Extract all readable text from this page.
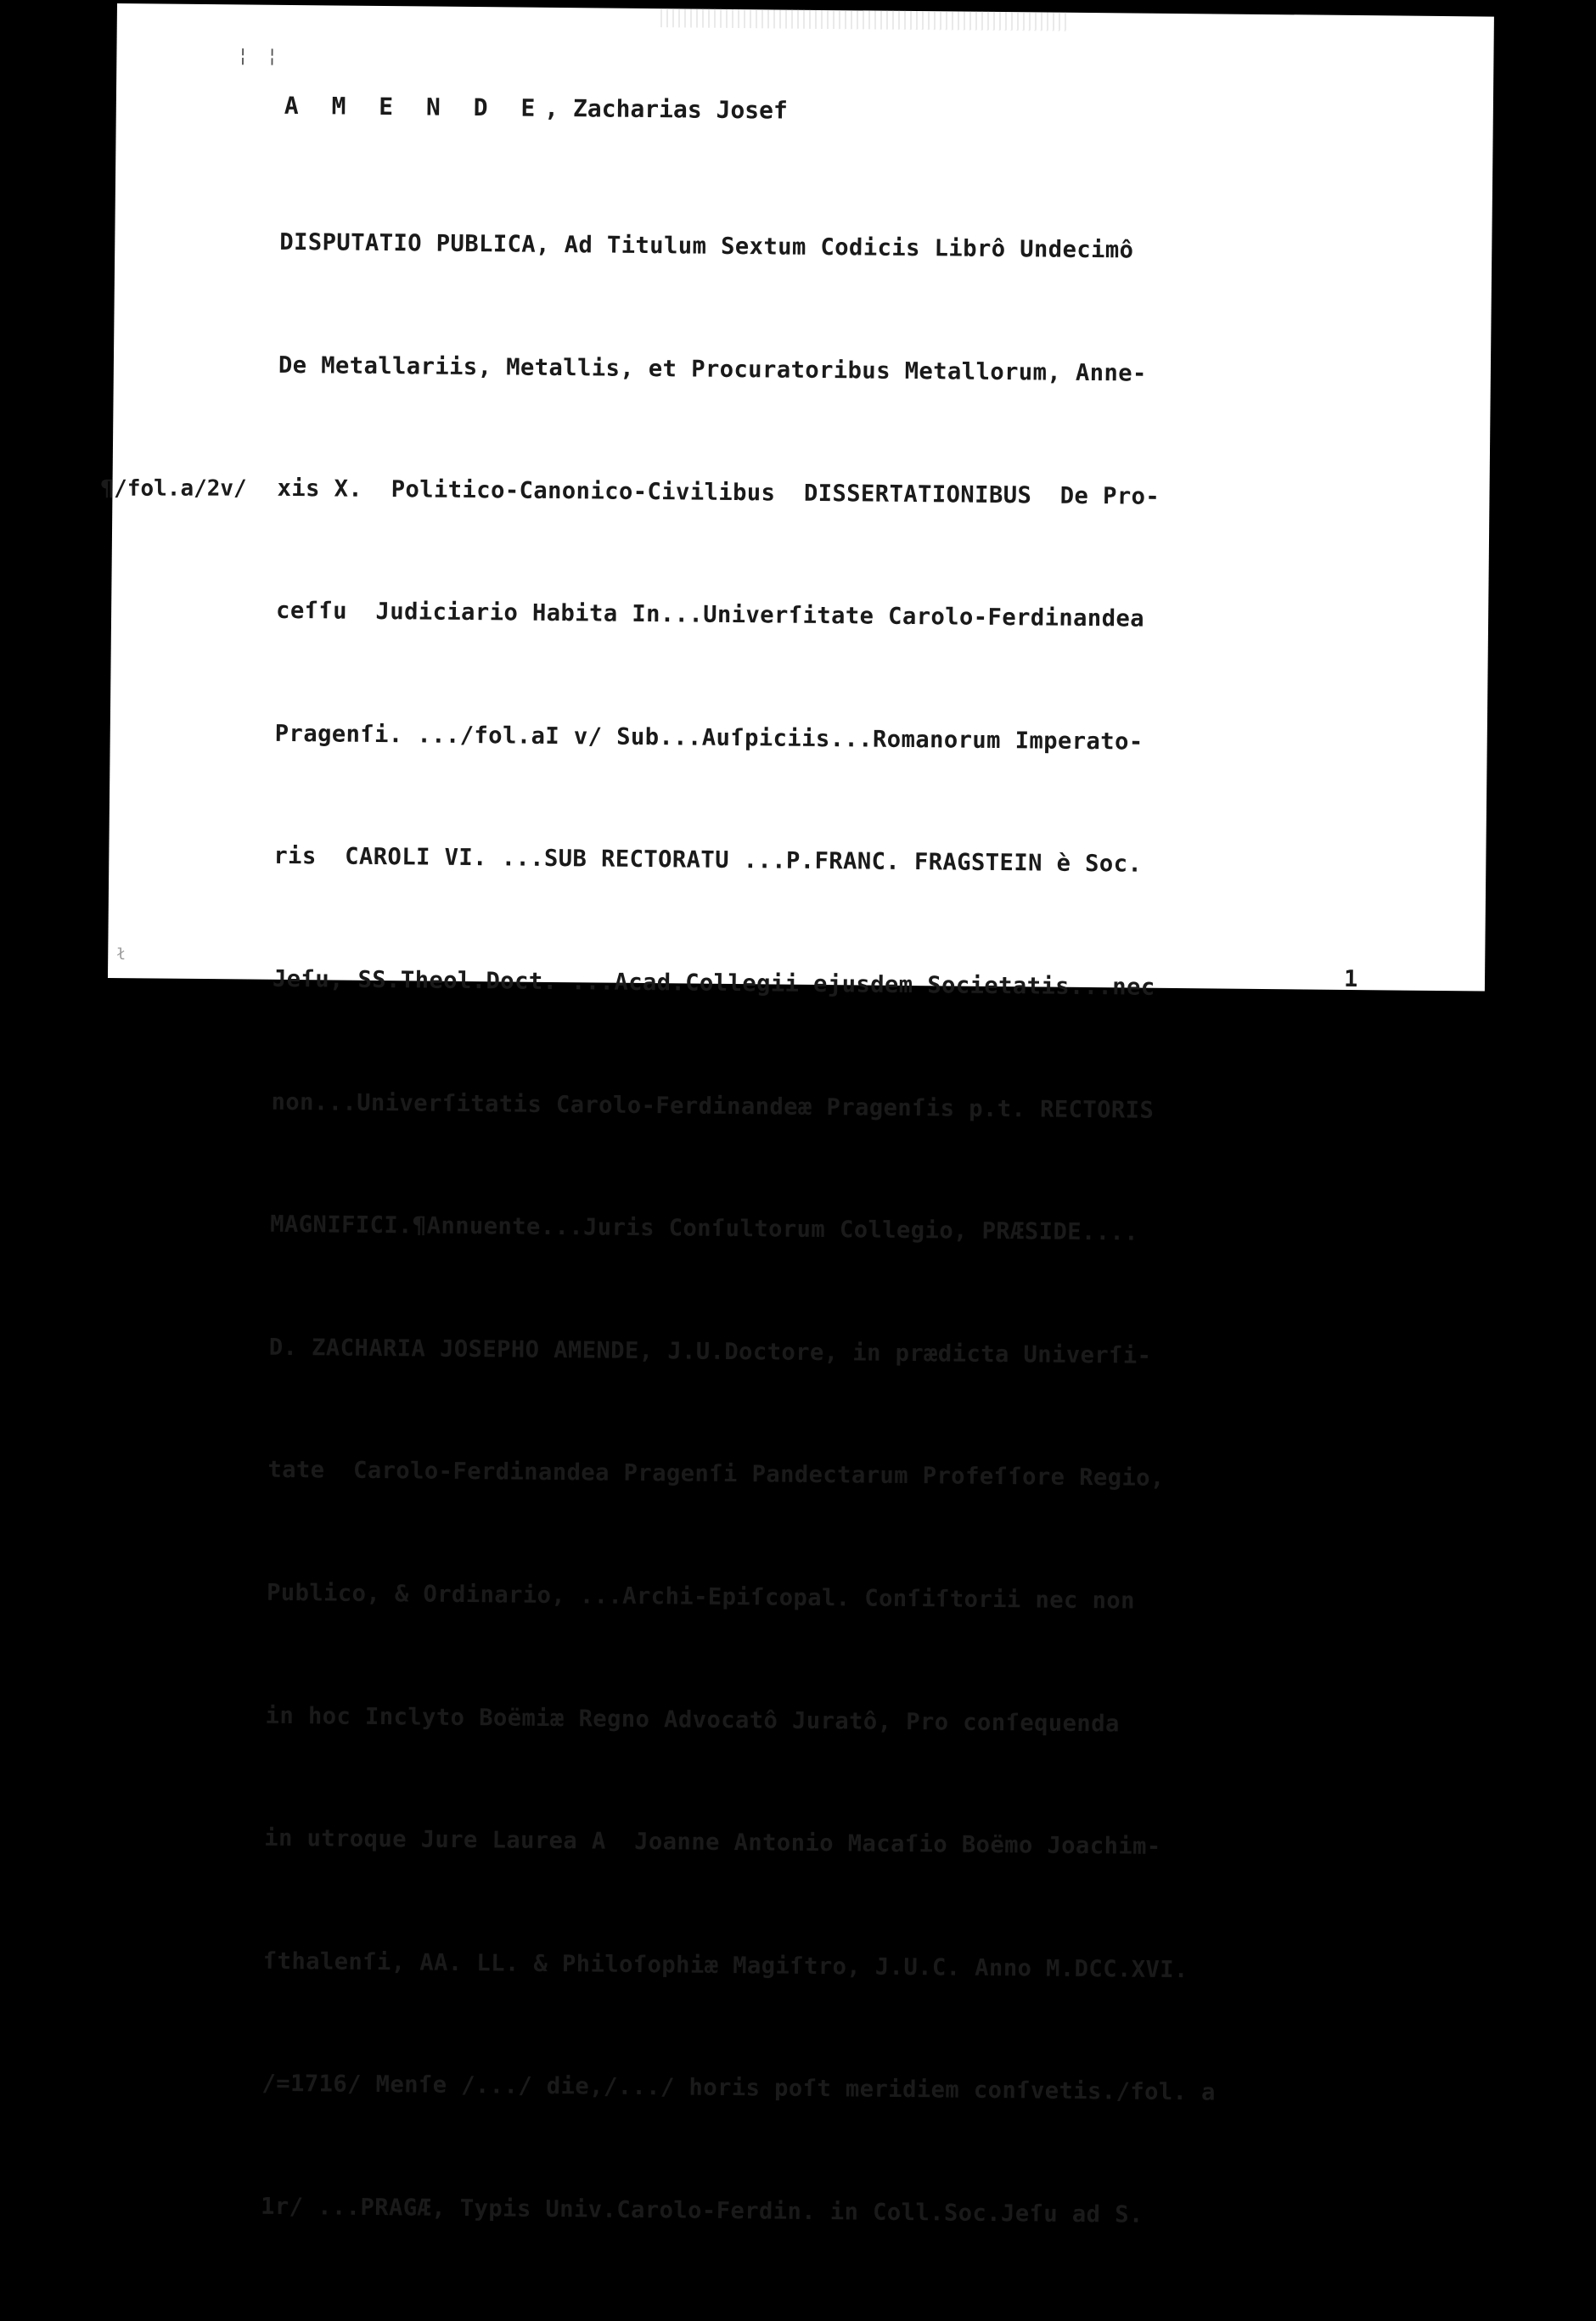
¦ ¦
A M E N D E, Zacharias Josef

DISPUTATIO PUBLICA, Ad Titulum Sextum Codicis Librô Undecimô

De Metallariis, Metallis, et Procuratoribus Metallorum, Anne-

xis X.  Politico-Canonico-Civilibus  DISSERTATIONIBUS  De Pro-

ceſſu  Judiciario Habita In...Univerſitate Carolo-Ferdinandea

Pragenſi. .../fol.aI v/ Sub...Auſpiciis...Romanorum Imperato-

ris  CAROLI VI. ...SUB RECTORATU ...P.FRANC. FRAGSTEIN è Soc.

Jeſu, SS.Theol.Doct. ...Acad.Collegii ejusdem Societatis...nec

non...Univerſitatis Carolo-Ferdinandeæ Pragenſis p.t. RECTORIS

MAGNIFICI.¶Annuente...Juris Conſultorum Collegio, PRÆSIDE....

D. ZACHARIA JOSEPHO AMENDE, J.U.Doctore, in prædicta Univerſi-

tate  Carolo-Ferdinandea Pragenſi Pandectarum Profeſſore Regio,

Publico, & Ordinario, ...Archi-Epiſcopal. Conſiſtorii nec non

in hoc Inclyto Boëmiæ Regno Advocatô Juratô, Pro conſequenda

in utroque Jure Laurea A  Joanne Antonio Macaſio Boëmo Joachim-

ſthalenſi, AA. LL. & Philoſophiæ Magiſtro, J.U.C. Anno M.DCC.XVI.

/=1716/ Menſe /.../ die,/.../ horis poſt meridiem conſvetis./fol. a

1r/ ...PRAGÆ, Typis Univ.Carolo-Ferdin. in Coll.Soc.Jeſu ad S.

¶/fol.a/2v/
ł
1
